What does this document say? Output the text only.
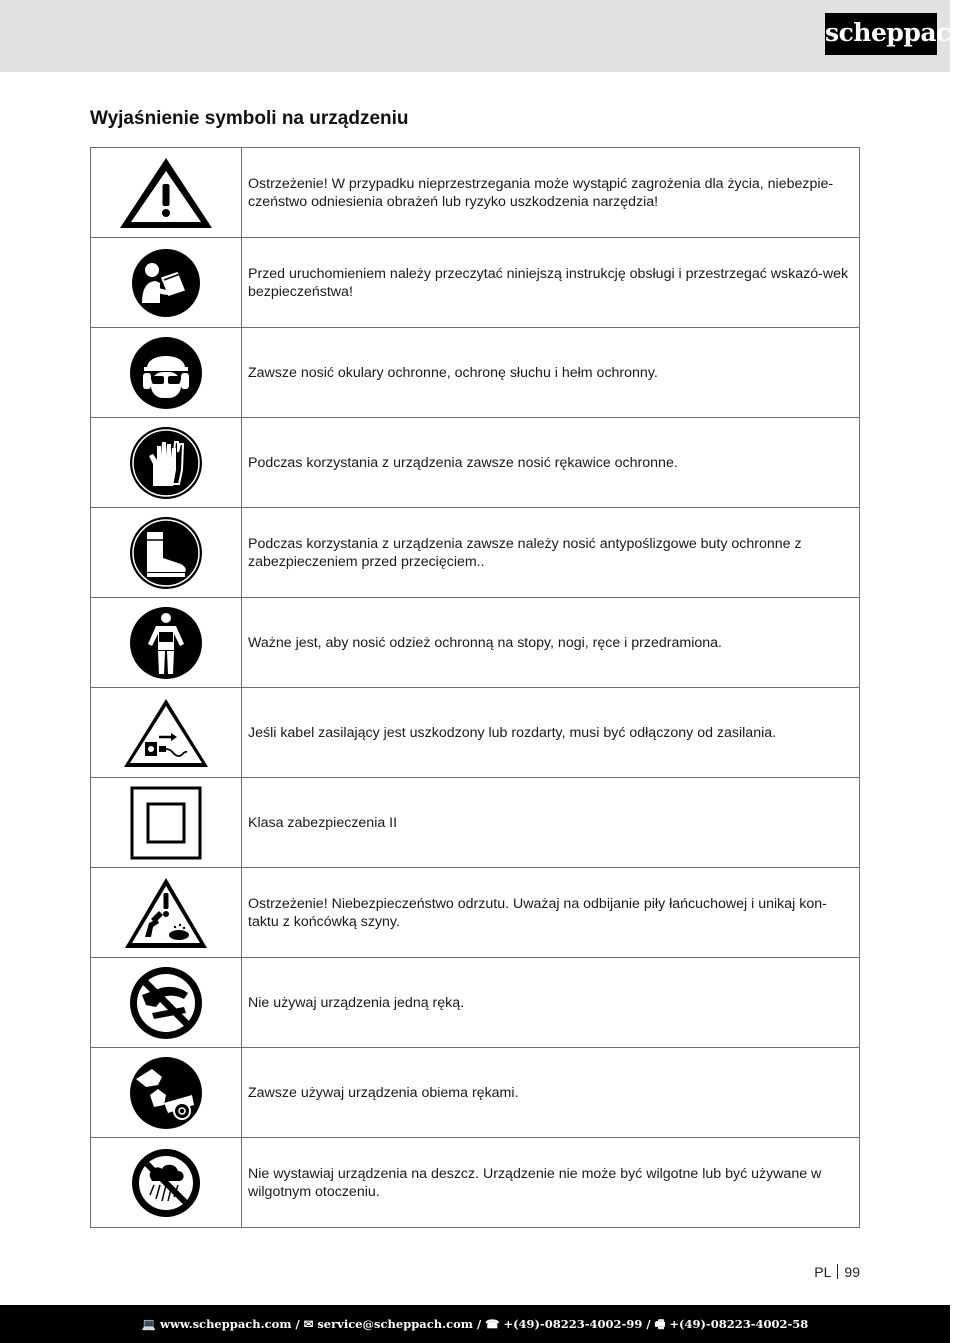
scheppach
Wyjaśnienie symboli na urządzeniu
	Ostrzeżenie! W przypadku nieprzestrzegania może wystąpić zagrożenia dla życia, niebezpie-czeństwo odniesienia obrażeń lub ryzyko uszkodzenia narzędzia!

	Przed uruchomieniem należy przeczytać niniejszą instrukcję obsługi i przestrzegać wskazó-wek bezpieczeństwa!

	Zawsze nosić okulary ochronne, ochronę słuchu i hełm ochronny.

	Podczas korzystania z urządzenia zawsze nosić rękawice ochronne.

	Podczas korzystania z urządzenia zawsze należy nosić antypoślizgowe buty ochronne z zabezpieczeniem przed przecięciem..

	Ważne jest, aby nosić odzież ochronną na stopy, nogi, ręce i przedramiona.

	Jeśli kabel zasilający jest uszkodzony lub rozdarty, musi być odłączony od zasilania.

	Klasa zabezpieczenia II

	Ostrzeżenie! Niebezpieczeństwo odrzutu. Uważaj na odbijanie piły łańcuchowej i unikaj kon-taktu z końcówką szyny.

	Nie używaj urządzenia jedną ręką.

	Zawsze używaj urządzenia obiema rękami.

	Nie wystawiaj urządzenia na deszcz. Urządzenie nie może być wilgotne lub być używane w wilgotnym otoczeniu.
PL 99
💻 www.scheppach.com / ✉ service@scheppach.com / ☎ +(49)-08223-4002-99 / 🖷 +(49)-08223-4002-58
